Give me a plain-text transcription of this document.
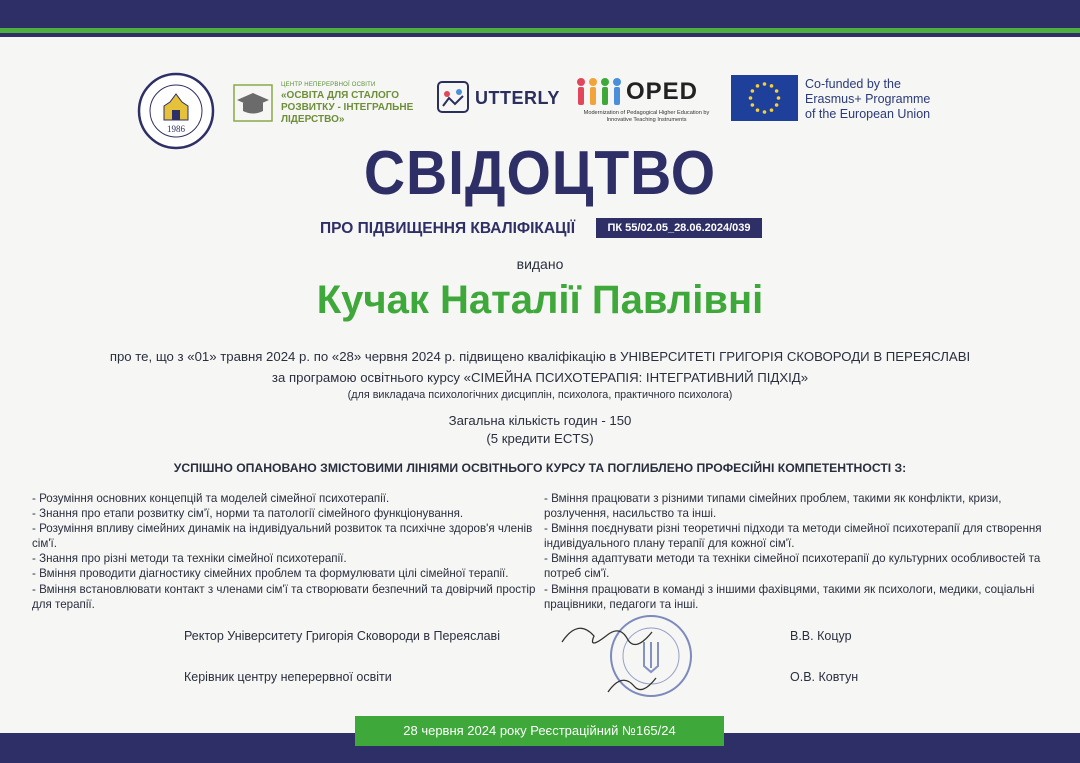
1986
ЦЕНТР НЕПЕРЕРВНОЇ ОСВІТИ
«ОСВІТА ДЛЯ СТАЛОГО РОЗВИТКУ - ІНТЕГРАЛЬНЕ ЛІДЕРСТВО»
UTTERLY	OPED
Modernization of Pedagogical Higher Education by Innovative Teaching Instruments
Co-funded by the
Erasmus+ Programme
of the European Union
СВІДОЦТВО
ПРО ПІДВИЩЕННЯ КВАЛІФІКАЦІЇ	ПК 55/02.05_28.06.2024/039
видано
Кучак Наталії Павлівні
про те, що з «01» травня 2024 р. по «28» червня 2024 р. підвищено кваліфікацію в УНІВЕРСИТЕТІ ГРИГОРІЯ СКОВОРОДИ В ПЕРЕЯСЛАВІ
за програмою освітнього курсу «СІМЕЙНА ПСИХОТЕРАПІЯ: ІНТЕГРАТИВНИЙ ПІДХІД»
(для викладача психологічних дисциплін, психолога, практичного психолога)
Загальна кількість годин - 150
(5 кредити ECTS)
УСПІШНО ОПАНОВАНО ЗМІСТОВИМИ ЛІНІЯМИ ОСВІТНЬОГО КУРСУ ТА ПОГЛИБЛЕНО ПРОФЕСІЙНІ КОМПЕТЕНТНОСТІ З:

- Розуміння основних концепцій та моделей сімейної психотерапії.

- Знання про етапи розвитку сім'ї, норми та патології сімейного функціонування.

- Розуміння впливу сімейних динамік на індивідуальний розвиток та психічне здоров'я членів сім'ї.

- Знання про різні методи та техніки сімейної психотерапії.

- Вміння проводити діагностику сімейних проблем та формулювати цілі сімейної терапії.

- Вміння встановлювати контакт з членами сім'ї та створювати безпечний та довірчий простір для терапії.

- Вміння працювати з різними типами сімейних проблем, такими як конфлікти, кризи, розлучення, насильство та інші.

- Вміння поєднувати різні теоретичні підходи та методи сімейної психотерапії для створення індивідуального плану терапії для кожної сім'ї.

- Вміння адаптувати методи та техніки сімейної психотерапії до культурних особливостей та потреб сім'ї.

- Вміння працювати в команді з іншими фахівцями, такими як психологи, медики, соціальні працівники, педагоги та інші.

Ректор Університету Григорія Сковороди в Переяславі	В.В. Коцур
Керівник центру неперервної освіти	О.В. Ковтун
28 червня 2024 року Реєстраційний №165/24
